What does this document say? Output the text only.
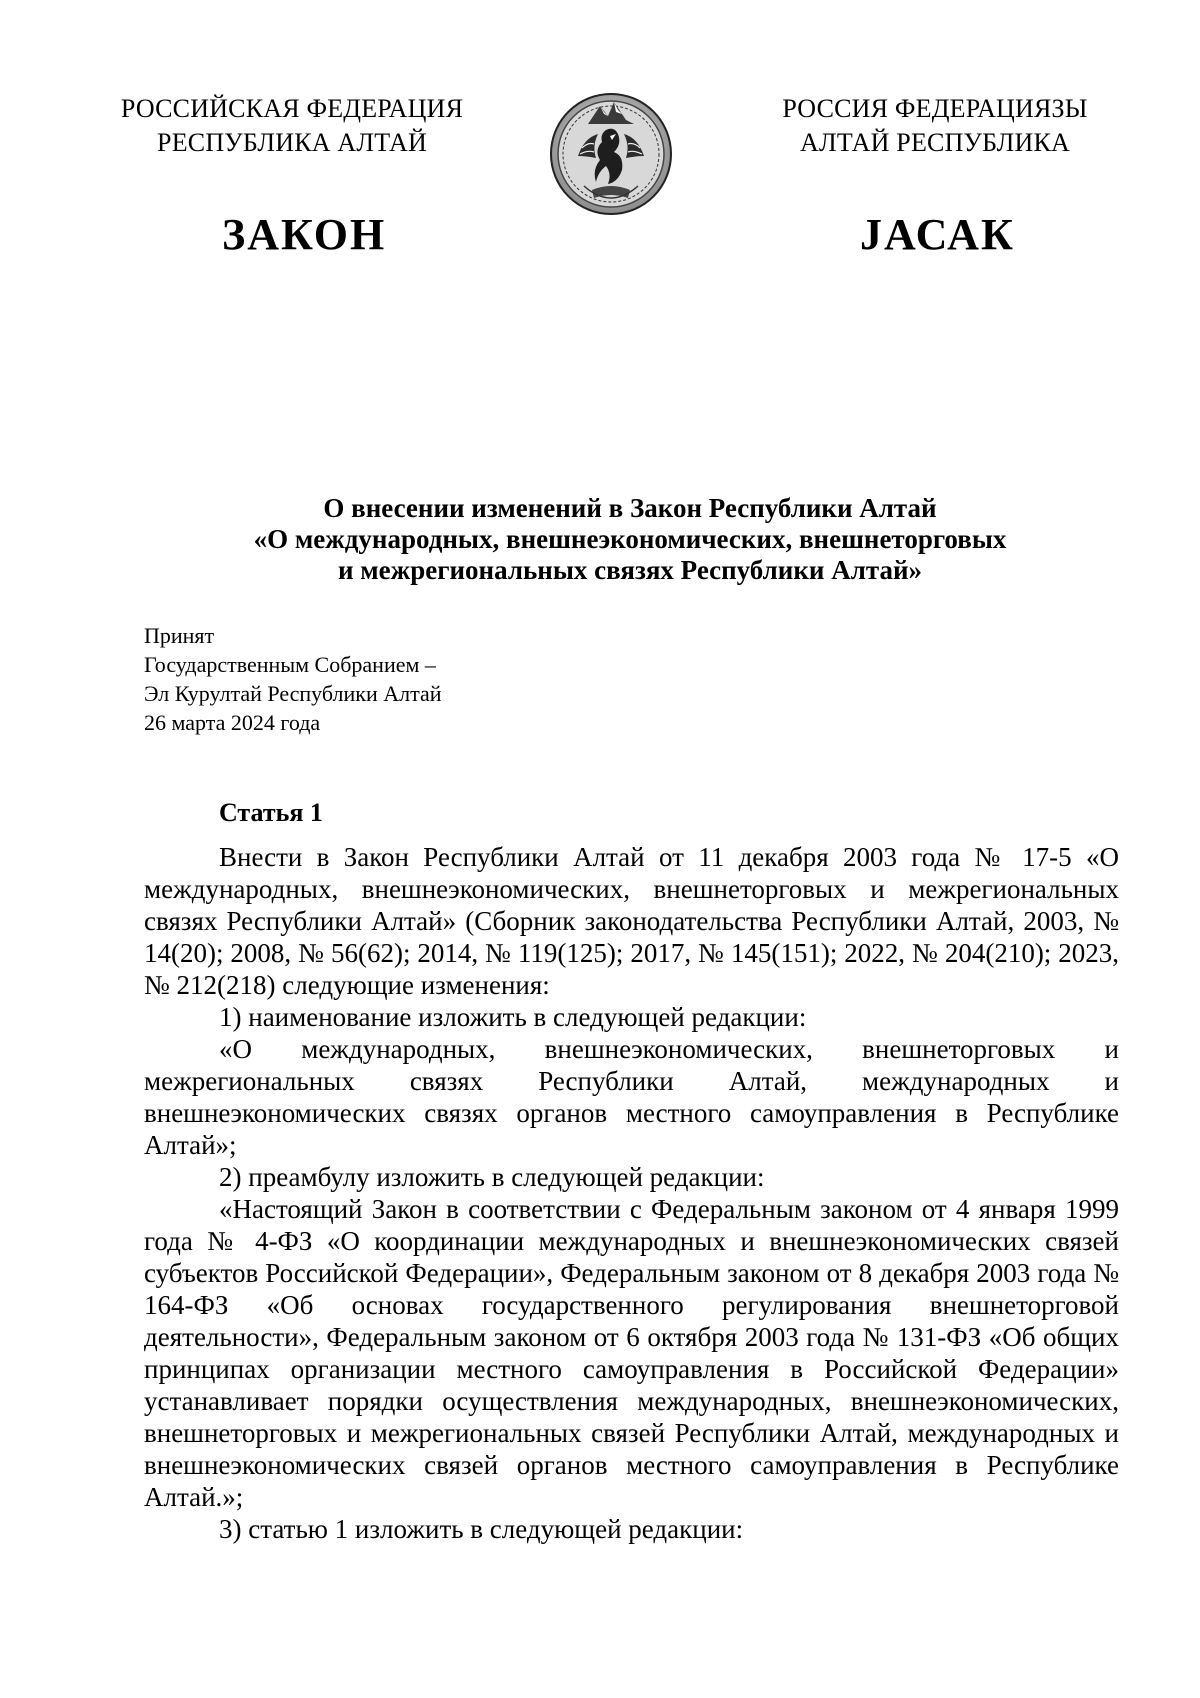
РОССИЙСКАЯ ФЕДЕРАЦИЯ
РЕСПУБЛИКА АЛТАЙ
РОССИЯ ФЕДЕРАЦИЯЗЫ
АЛТАЙ РЕСПУБЛИКА
ЗАКОН	JАСАК
О внесении изменений в Закон Республики Алтай
«О международных, внешнеэкономических, внешнеторговых
и межрегиональных связях Республики Алтай»
Принят
Государственным Собранием –
Эл Курултай Республики Алтай
26 марта 2024 года
Статья 1

Внести в Закон Республики Алтай от 11 декабря 2003 года № 17-5 «О международных, внешнеэкономических, внешнеторговых и межрегиональных связях Республики Алтай» (Сборник законодательства Республики Алтай, 2003, № 14(20); 2008, № 56(62); 2014, № 119(125); 2017, № 145(151); 2022, № 204(210); 2023, № 212(218) следующие изменения:

1) наименование изложить в следующей редакции:

«О международных, внешнеэкономических, внешнеторговых и межрегиональных связях Республики Алтай, международных и внешнеэкономических связях органов местного самоуправления в Республике Алтай»;

2) преамбулу изложить в следующей редакции:

«Настоящий Закон в соответствии с Федеральным законом от 4 января 1999 года № 4-ФЗ «О координации международных и внешнеэкономических связей субъектов Российской Федерации», Федеральным законом от 8 декабря 2003 года № 164-ФЗ «Об основах государственного регулирования внешнеторговой деятельности», Федеральным законом от 6 октября 2003 года № 131-ФЗ «Об общих принципах организации местного самоуправления в Российской Федерации» устанавливает порядки осуществления международных, внешнеэкономических, внешнеторговых и межрегиональных связей Республики Алтай, международных и внешнеэкономических связей органов местного самоуправления в Республике Алтай.»;

3) статью 1 изложить в следующей редакции:
